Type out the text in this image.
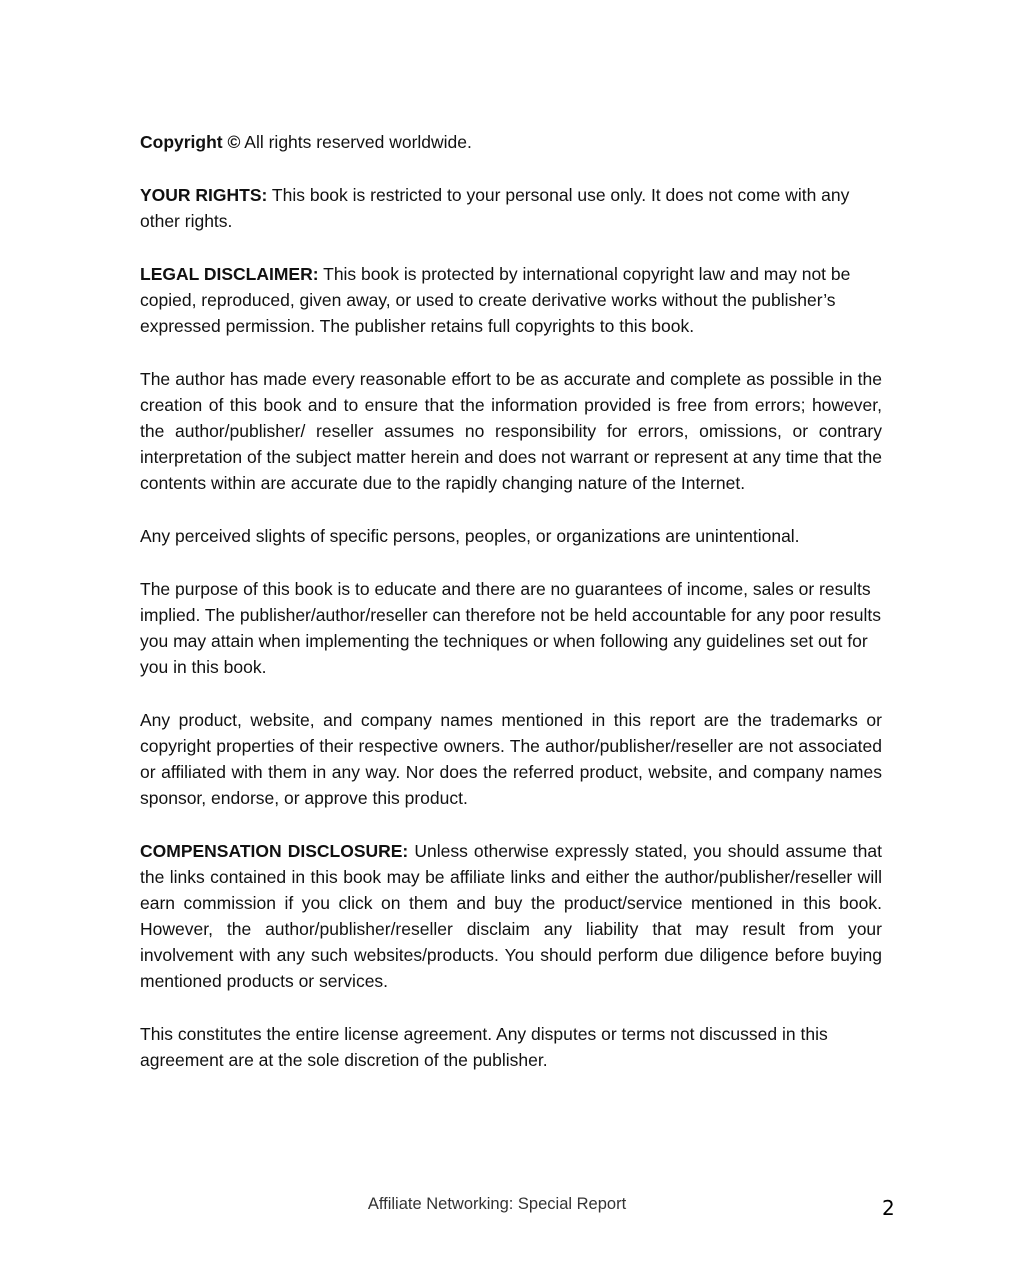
Copyright © All rights reserved worldwide.

YOUR RIGHTS: This book is restricted to your personal use only. It does not come with any other rights.

LEGAL DISCLAIMER: This book is protected by international copyright law and may not be copied, reproduced, given away, or used to create derivative works without the publisher’s expressed permission. The publisher retains full copyrights to this book.

The author has made every reasonable effort to be as accurate and complete as possible in the creation of this book and to ensure that the information provided is free from errors; however, the author/publisher/ reseller assumes no responsibility for errors, omissions, or contrary interpretation of the subject matter herein and does not warrant or represent at any time that the contents within are accurate due to the rapidly changing nature of the Internet.

Any perceived slights of specific persons, peoples, or organizations are unintentional.

The purpose of this book is to educate and there are no guarantees of income, sales or results implied. The publisher/author/reseller can therefore not be held accountable for any poor results you may attain when implementing the techniques or when following any guidelines set out for you in this book.

Any product, website, and company names mentioned in this report are the trademarks or copyright properties of their respective owners. The author/publisher/reseller are not associated or affiliated with them in any way. Nor does the referred product, website, and company names sponsor, endorse, or approve this product.

COMPENSATION DISCLOSURE: Unless otherwise expressly stated, you should assume that the links contained in this book may be affiliate links and either the author/publisher/reseller will earn commission if you click on them and buy the product/service mentioned in this book. However, the author/publisher/reseller disclaim any liability that may result from your involvement with any such websites/products. You should perform due diligence before buying mentioned products or services.

This constitutes the entire license agreement. Any disputes or terms not discussed in this agreement are at the sole discretion of the publisher.

Affiliate Networking: Special Report	2
